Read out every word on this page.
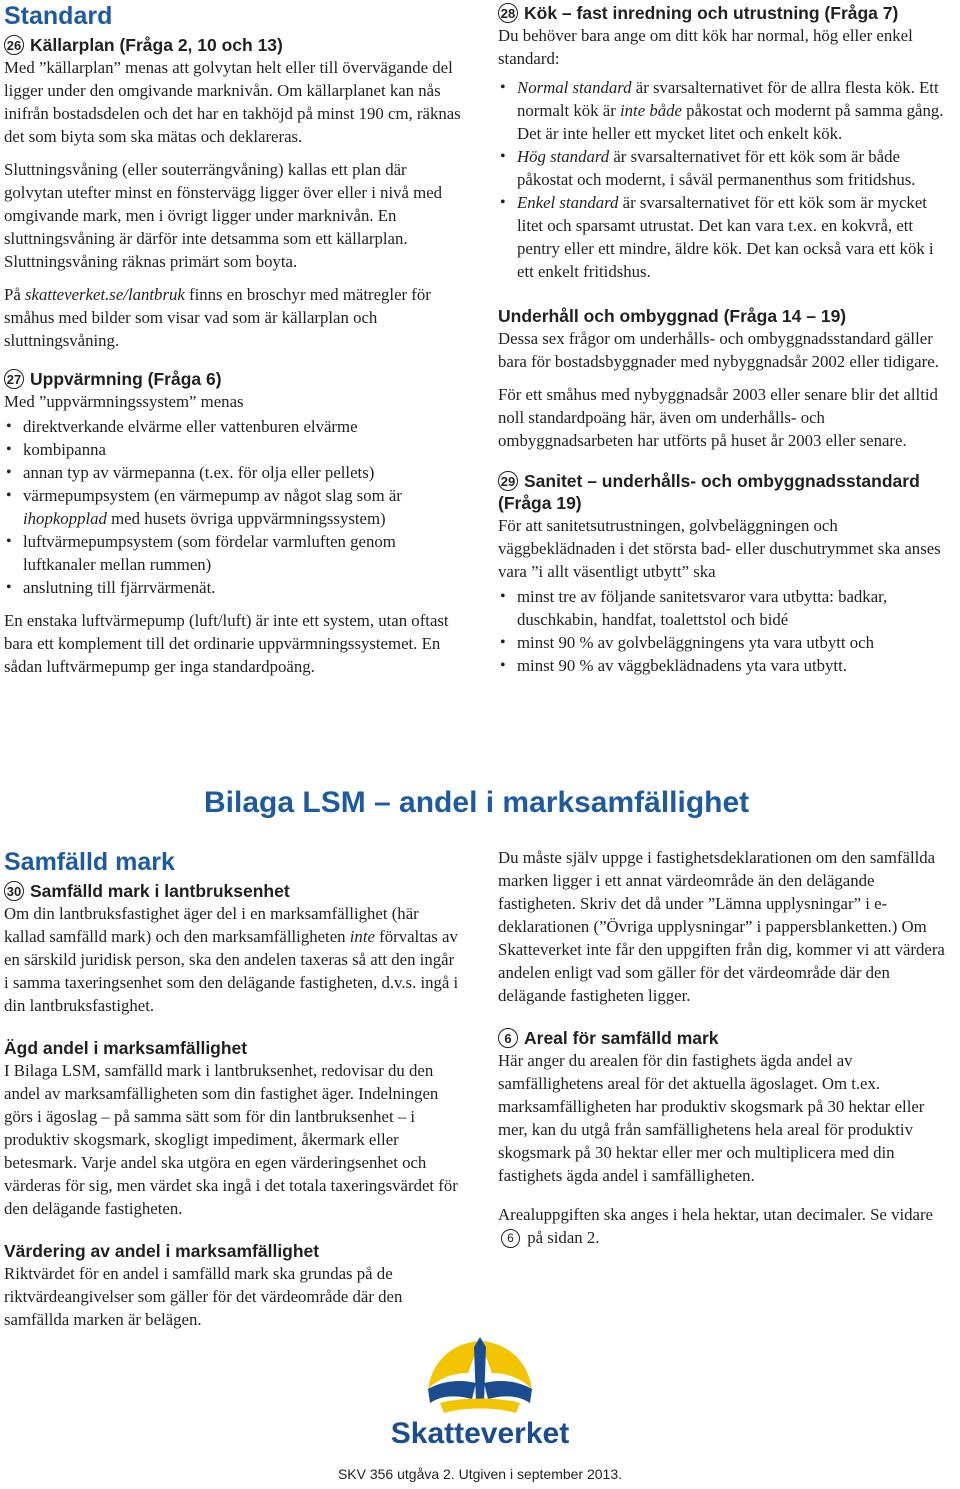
Standard
26 Källarplan (Fråga 2, 10 och 13)

Med ”källarplan” menas att golvytan helt eller till övervägande del ligger under den omgivande marknivån. Om källarplanet kan nås inifrån bostadsdelen och det har en takhöjd på minst 190 cm, räknas det som biyta som ska mätas och deklareras.

Sluttningsvåning (eller souterrängvåning) kallas ett plan där golvytan utefter minst en fönstervägg ligger över eller i nivå med omgivande mark, men i övrigt ligger under marknivån. En sluttningsvåning är därför inte detsamma som ett källarplan. Sluttningsvåning räknas primärt som boyta.

På skatteverket.se/lantbruk finns en broschyr med mätregler för småhus med bilder som visar vad som är källarplan och sluttningsvåning.

27 Uppvärmning (Fråga 6)

Med ”uppvärmningssystem” menas

• direktverkande elvärme eller vattenburen elvärme
• kombipanna
• annan typ av värmepanna (t.ex. för olja eller pellets)
• värmepumpsystem (en värmepump av något slag som är ihopkopplad med husets övriga uppvärmningssystem)
• luftvärmepumpsystem (som fördelar varmluften genom luftkanaler mellan rummen)
• anslutning till fjärrvärmenät.

En enstaka luftvärmepump (luft/luft) är inte ett system, utan oftast bara ett komplement till det ordinarie uppvärmningssystemet. En sådan luftvärmepump ger inga standardpoäng.

28 Kök – fast inredning och utrustning (Fråga 7)

Du behöver bara ange om ditt kök har normal, hög eller enkel standard:

• Normal standard är svarsalternativet för de allra flesta kök. Ett normalt kök är inte både påkostat och modernt på samma gång. Det är inte heller ett mycket litet och enkelt kök.
• Hög standard är svarsalternativet för ett kök som är både påkostat och modernt, i såväl permanenthus som fritidshus.
• Enkel standard är svarsalternativet för ett kök som är mycket litet och sparsamt utrustat. Det kan vara t.ex. en kokvrå, ett pentry eller ett mindre, äldre kök. Det kan också vara ett kök i ett enkelt fritidshus.
Underhåll och ombyggnad (Fråga 14 – 19)

Dessa sex frågor om underhålls- och ombyggnadsstandard gäller bara för bostadsbyggnader med nybyggnadsår 2002 eller tidigare.

För ett småhus med nybyggnadsår 2003 eller senare blir det alltid noll standardpoäng här, även om underhålls- och ombyggnadsarbeten har utförts på huset år 2003 eller senare.

29 Sanitet – underhålls- och ombyggnadsstandard (Fråga 19)

För att sanitetsutrustningen, golvbeläggningen och väggbeklädnaden i det största bad- eller duschutrymmet ska anses vara ”i allt väsentligt utbytt” ska

• minst tre av följande sanitetsvaror vara utbytta: badkar, duschkabin, handfat, toalettstol och bidé
• minst 90 % av golvbeläggningens yta vara utbytt och
• minst 90 % av väggbeklädnadens yta vara utbytt.
Bilaga LSM – andel i marksamfällighet
Samfälld mark
30 Samfälld mark i lantbruksenhet

Om din lantbruksfastighet äger del i en marksamfällighet (här kallad samfälld mark) och den marksamfälligheten inte förvaltas av en särskild juridisk person, ska den andelen taxeras så att den ingår i samma taxeringsenhet som den delägande fastigheten, d.v.s. ingå i din lantbruksfastighet.

Ägd andel i marksamfällighet

I Bilaga LSM, samfälld mark i lantbruksenhet, redovisar du den andel av marksamfälligheten som din fastighet äger. Indelningen görs i ägoslag – på samma sätt som för din lantbruksenhet – i produktiv skogsmark, skogligt impediment, åkermark eller betesmark. Varje andel ska utgöra en egen värderingsenhet och värderas för sig, men värdet ska ingå i det totala taxeringsvärdet för den delägande fastigheten.

Värdering av andel i marksamfällighet

Riktvärdet för en andel i samfälld mark ska grundas på de riktvärdeangivelser som gäller för det värdeområde där den samfällda marken är belägen.

Du måste själv uppge i fastighetsdeklarationen om den samfällda marken ligger i ett annat värdeområde än den delägande fastigheten. Skriv det då under ”Lämna upplysningar” i e-deklarationen (”Övriga upplysningar” i pappersblanketten.) Om Skatteverket inte får den uppgiften från dig, kommer vi att värdera andelen enligt vad som gäller för det värdeområde där den delägande fastigheten ligger.

6 Areal för samfälld mark

Här anger du arealen för din fastighets ägda andel av samfällighetens areal för det aktuella ägoslaget. Om t.ex. marksamfälligheten har produktiv skogsmark på 30 hektar eller mer, kan du utgå från samfällighetens hela areal för produktiv skogsmark på 30 hektar eller mer och multiplicera med din fastighets ägda andel i samfälligheten.

Arealuppgiften ska anges i hela hektar, utan decimaler. Se vidare 6 på sidan 2.

Skatteverket
SKV 356 utgåva 2. Utgiven i september 2013.
